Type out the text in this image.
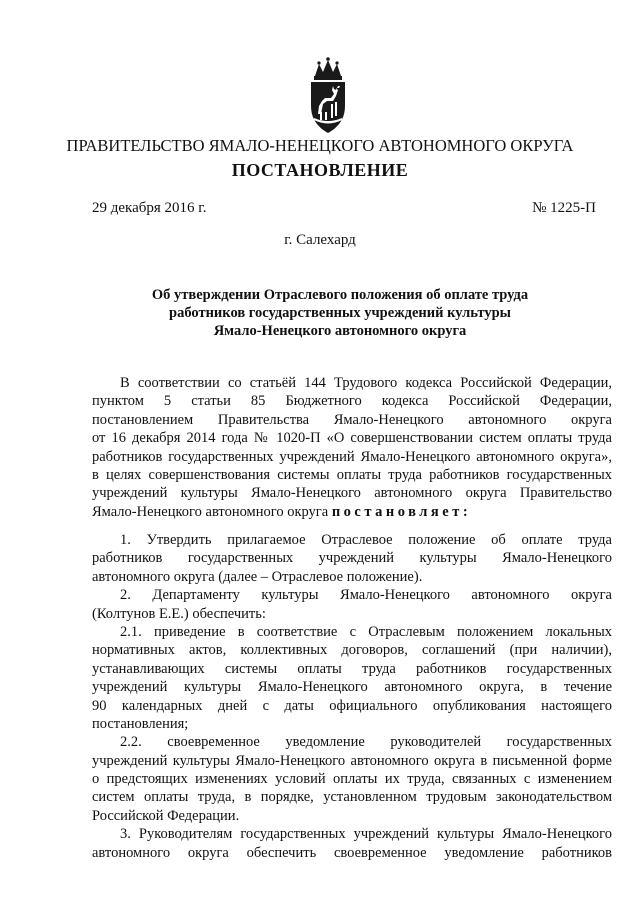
ПРАВИТЕЛЬСТВО ЯМАЛО-НЕНЕЦКОГО АВТОНОМНОГО ОКРУГА
ПОСТАНОВЛЕНИЕ
29 декабря 2016 г.	№ 1225-П
г. Салехард
Об утверждении Отраслевого положения об оплате труда
работников государственных учреждений культуры
Ямало-Ненецкого автономного округа
В соответствии со статьёй 144 Трудового кодекса Российской Федерации,
пунктом 5 статьи 85 Бюджетного кодекса Российской Федерации,
постановлением Правительства Ямало-Ненецкого автономного округа
от 16 декабря 2014 года № 1020-П «О совершенствовании систем оплаты труда
работников государственных учреждений Ямало-Ненецкого автономного округа»,
в целях совершенствования системы оплаты труда работников государственных
учреждений культуры Ямало-Ненецкого автономного округа Правительство
Ямало-Ненецкого автономного округа постановляет:
1. Утвердить прилагаемое Отраслевое положение об оплате труда
работников государственных учреждений культуры Ямало-Ненецкого
автономного округа (далее – Отраслевое положение).
2. Департаменту культуры Ямало-Ненецкого автономного округа
(Колтунов Е.Е.) обеспечить:
2.1. приведение в соответствие с Отраслевым положением локальных
нормативных актов, коллективных договоров, соглашений (при наличии),
устанавливающих системы оплаты труда работников государственных
учреждений культуры Ямало-Ненецкого автономного округа, в течение
90 календарных дней с даты официального опубликования настоящего
постановления;
2.2. своевременное уведомление руководителей государственных
учреждений культуры Ямало-Ненецкого автономного округа в письменной форме
о предстоящих изменениях условий оплаты их труда, связанных с изменением
систем оплаты труда, в порядке, установленном трудовым законодательством
Российской Федерации.
3. Руководителям государственных учреждений культуры Ямало-Ненецкого
автономного округа обеспечить своевременное уведомление работников
